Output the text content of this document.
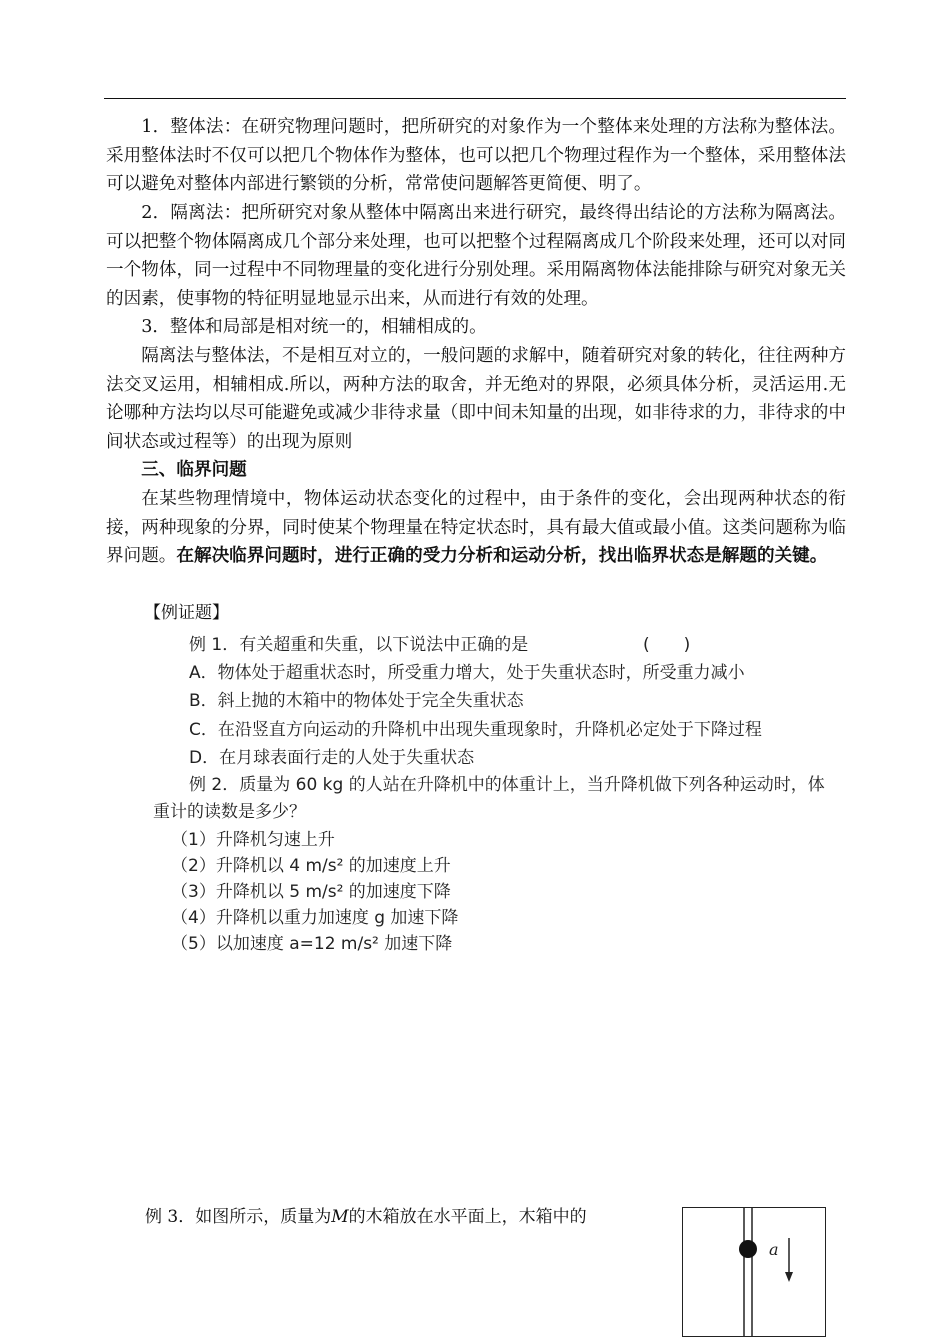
1．整体法：在研究物理问题时，把所研究的对象作为一个整体来处理的方法称为整体法。采用整体法时不仅可以把几个物体作为整体，也可以把几个物理过程作为一个整体，采用整体法可以避免对整体内部进行繁锁的分析，常常使问题解答更简便、明了。

2．隔离法：把所研究对象从整体中隔离出来进行研究，最终得出结论的方法称为隔离法。可以把整个物体隔离成几个部分来处理，也可以把整个过程隔离成几个阶段来处理，还可以对同一个物体，同一过程中不同物理量的变化进行分别处理。采用隔离物体法能排除与研究对象无关的因素，使事物的特征明显地显示出来，从而进行有效的处理。

3．整体和局部是相对统一的，相辅相成的。

隔离法与整体法，不是相互对立的，一般问题的求解中，随着研究对象的转化，往往两种方法交叉运用，相辅相成.所以，两种方法的取舍，并无绝对的界限，必须具体分析，灵活运用.无论哪种方法均以尽可能避免或减少非待求量（即中间未知量的出现，如非待求的力，非待求的中间状态或过程等）的出现为原则

三、临界问题

在某些物理情境中，物体运动状态变化的过程中，由于条件的变化，会出现两种状态的衔接，两种现象的分界，同时使某个物理量在特定状态时，具有最大值或最小值。这类问题称为临界问题。在解决临界问题时，进行正确的受力分析和运动分析，找出临界状态是解题的关键。

【例证题】
例 1．有关超重和失重，以下说法中正确的是	(　　)
A．物体处于超重状态时，所受重力增大，处于失重状态时，所受重力减小
B．斜上抛的木箱中的物体处于完全失重状态
C．在沿竖直方向运动的升降机中出现失重现象时，升降机必定处于下降过程
D．在月球表面行走的人处于失重状态
例 2．质量为 60 kg 的人站在升降机中的体重计上，当升降机做下列各种运动时，体
重计的读数是多少？
（1）升降机匀速上升
（2）升降机以 4 m/s² 的加速度上升
（3）升降机以 5 m/s² 的加速度下降
（4）升降机以重力加速度 g 加速下降
（5）以加速度 a=12 m/s² 加速下降
例 3．如图所示，质量为M的木箱放在水平面上，木箱中的
a
